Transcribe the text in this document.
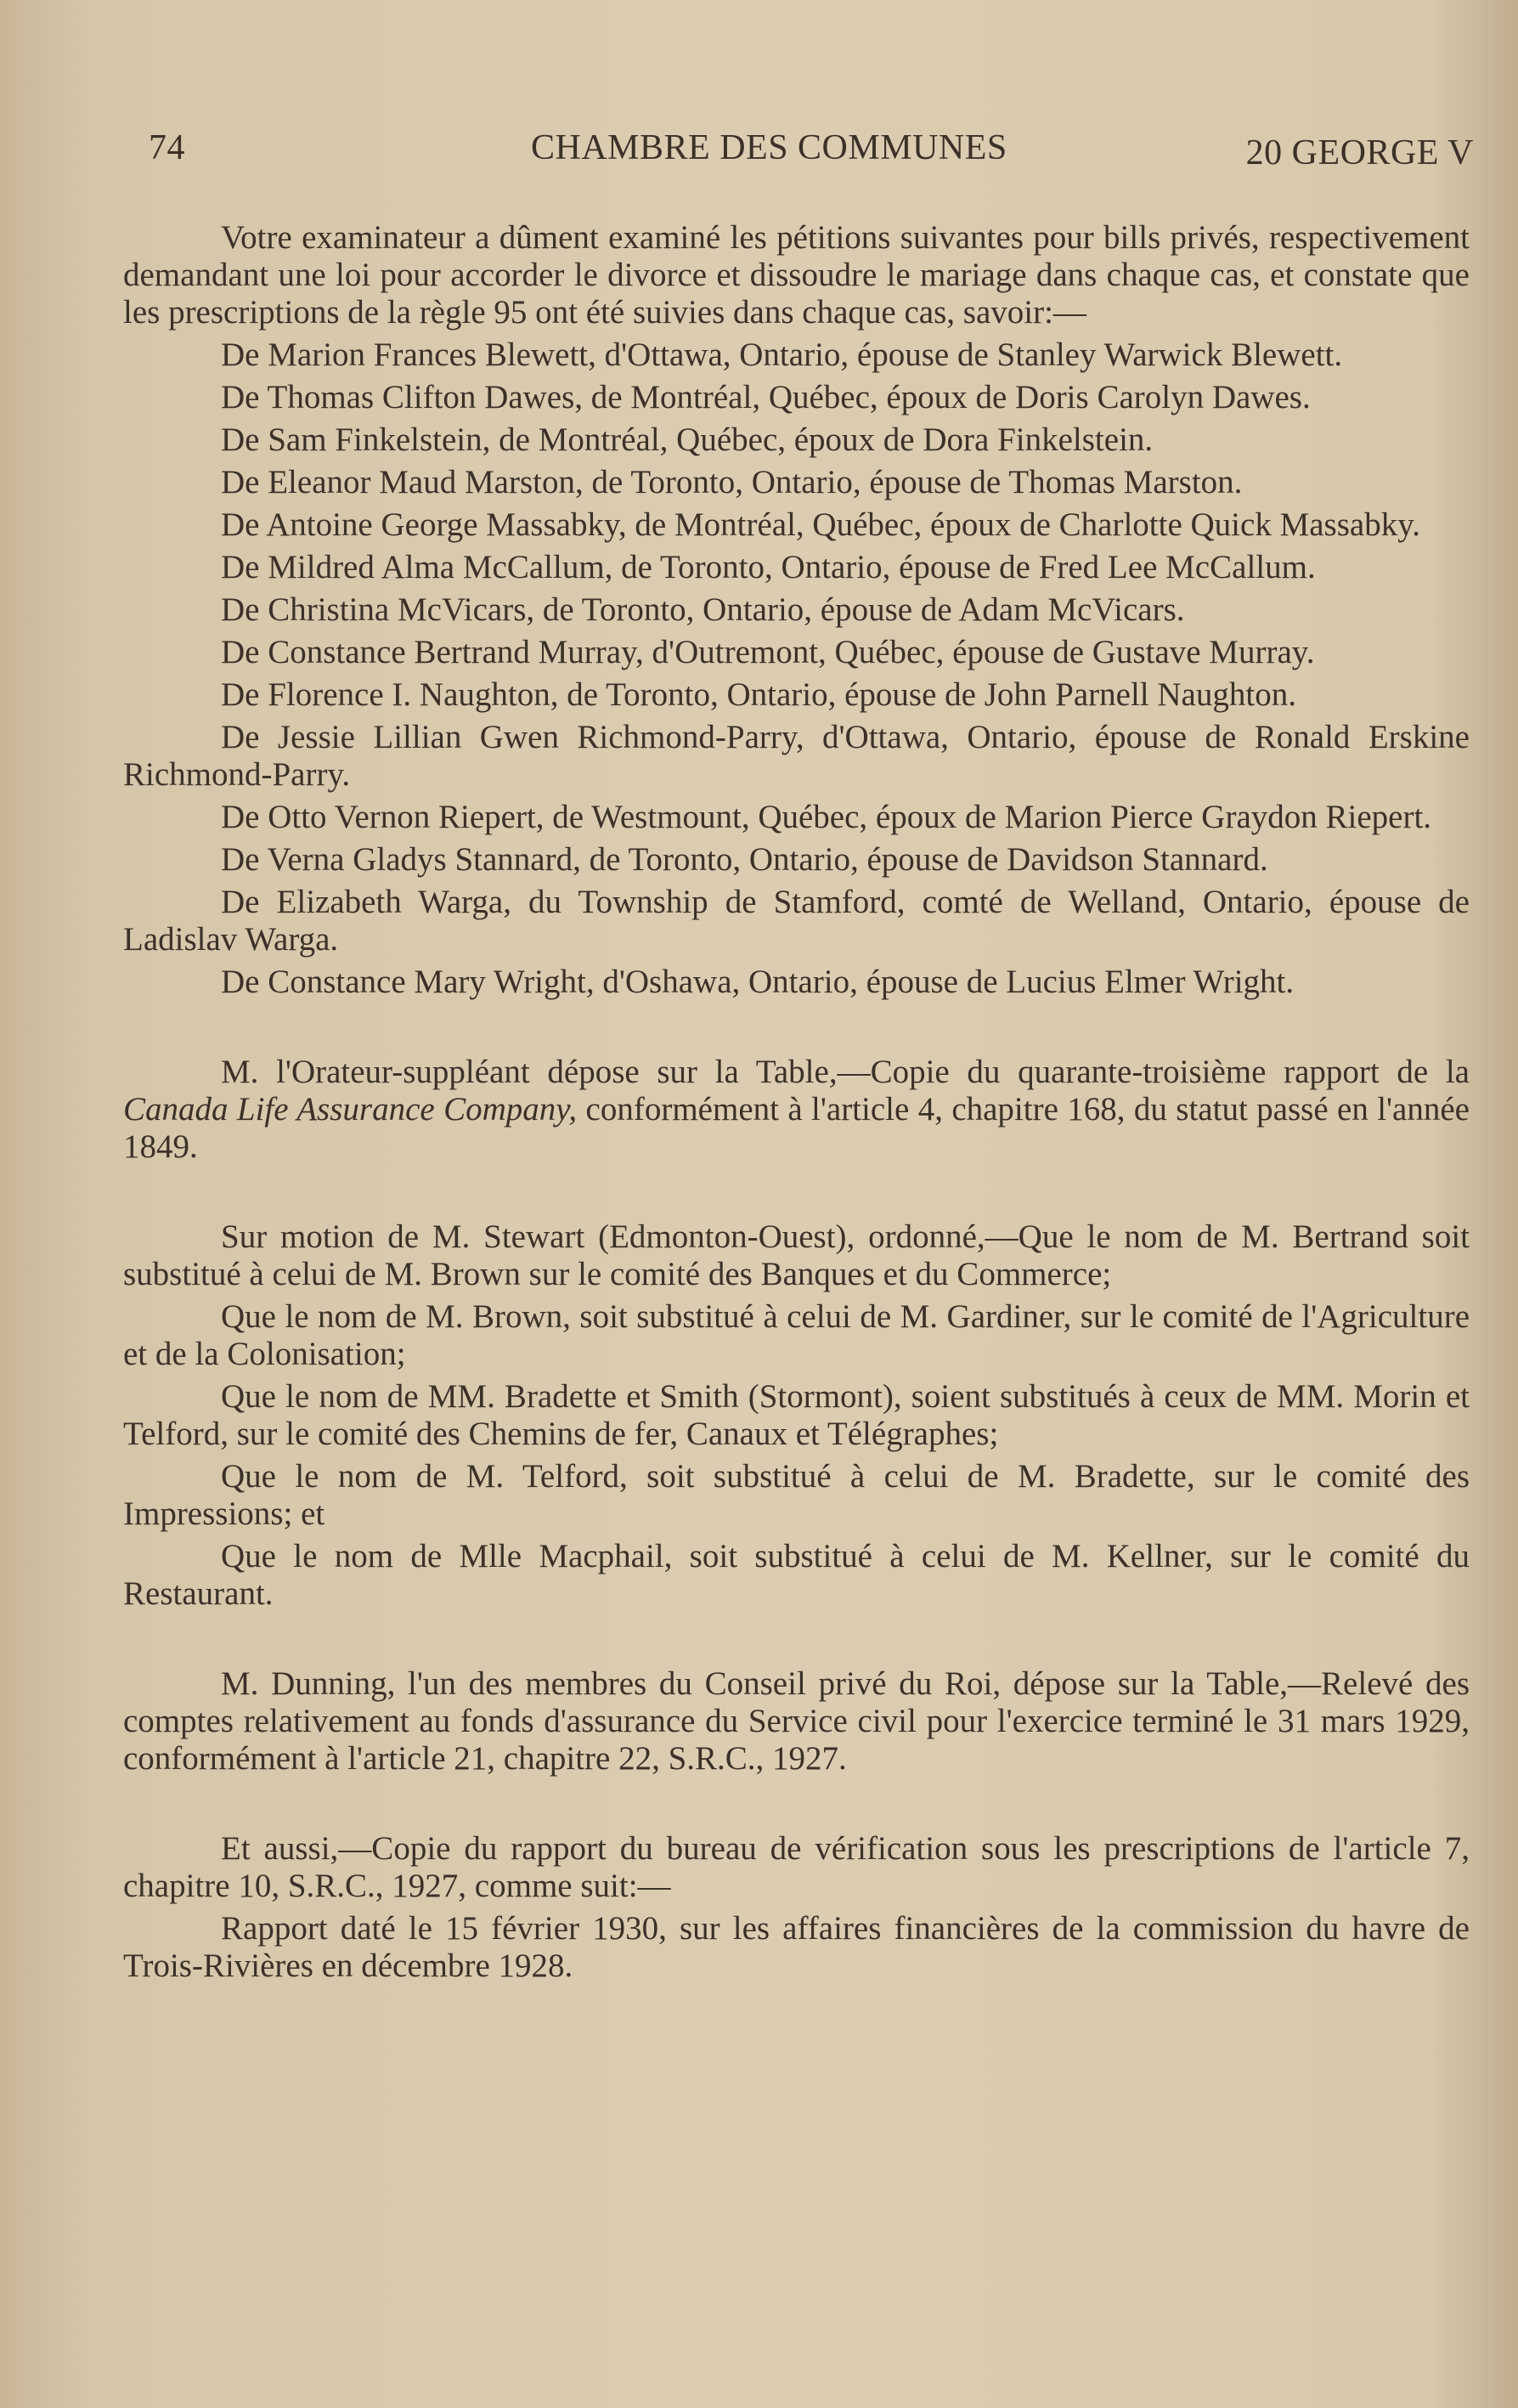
74	CHAMBRE DES COMMUNES	20 GEORGE V

Votre examinateur a dûment examiné les pétitions suivantes pour bills privés, respectivement demandant une loi pour accorder le divorce et dissoudre le mariage dans chaque cas, et constate que les prescriptions de la règle 95 ont été suivies dans chaque cas, savoir:—

De Marion Frances Blewett, d'Ottawa, Ontario, épouse de Stanley Warwick Blewett.

De Thomas Clifton Dawes, de Montréal, Québec, époux de Doris Carolyn Dawes.

De Sam Finkelstein, de Montréal, Québec, époux de Dora Finkelstein.

De Eleanor Maud Marston, de Toronto, Ontario, épouse de Thomas Marston.

De Antoine George Massabky, de Montréal, Québec, époux de Charlotte Quick Massabky.

De Mildred Alma McCallum, de Toronto, Ontario, épouse de Fred Lee McCallum.

De Christina McVicars, de Toronto, Ontario, épouse de Adam McVicars.

De Constance Bertrand Murray, d'Outremont, Québec, épouse de Gustave Murray.

De Florence I. Naughton, de Toronto, Ontario, épouse de John Parnell Naughton.

De Jessie Lillian Gwen Richmond-Parry, d'Ottawa, Ontario, épouse de Ronald Erskine Richmond-Parry.

De Otto Vernon Riepert, de Westmount, Québec, époux de Marion Pierce Graydon Riepert.

De Verna Gladys Stannard, de Toronto, Ontario, épouse de Davidson Stannard.

De Elizabeth Warga, du Township de Stamford, comté de Welland, Ontario, épouse de Ladislav Warga.

De Constance Mary Wright, d'Oshawa, Ontario, épouse de Lucius Elmer Wright.

M. l'Orateur-suppléant dépose sur la Table,—Copie du quarante-troisième rapport de la Canada Life Assurance Company, conformément à l'article 4, chapitre 168, du statut passé en l'année 1849.

Sur motion de M. Stewart (Edmonton-Ouest), ordonné,—Que le nom de M. Bertrand soit substitué à celui de M. Brown sur le comité des Banques et du Commerce;

Que le nom de M. Brown, soit substitué à celui de M. Gardiner, sur le comité de l'Agriculture et de la Colonisation;

Que le nom de MM. Bradette et Smith (Stormont), soient substitués à ceux de MM. Morin et Telford, sur le comité des Chemins de fer, Canaux et Télégraphes;

Que le nom de M. Telford, soit substitué à celui de M. Bradette, sur le comité des Impressions; et

Que le nom de Mlle Macphail, soit substitué à celui de M. Kellner, sur le comité du Restaurant.

M. Dunning, l'un des membres du Conseil privé du Roi, dépose sur la Table,—Relevé des comptes relativement au fonds d'assurance du Service civil pour l'exercice terminé le 31 mars 1929, conformément à l'article 21, chapitre 22, S.R.C., 1927.

Et aussi,—Copie du rapport du bureau de vérification sous les prescriptions de l'article 7, chapitre 10, S.R.C., 1927, comme suit:—

Rapport daté le 15 février 1930, sur les affaires financières de la commission du havre de Trois-Rivières en décembre 1928.
